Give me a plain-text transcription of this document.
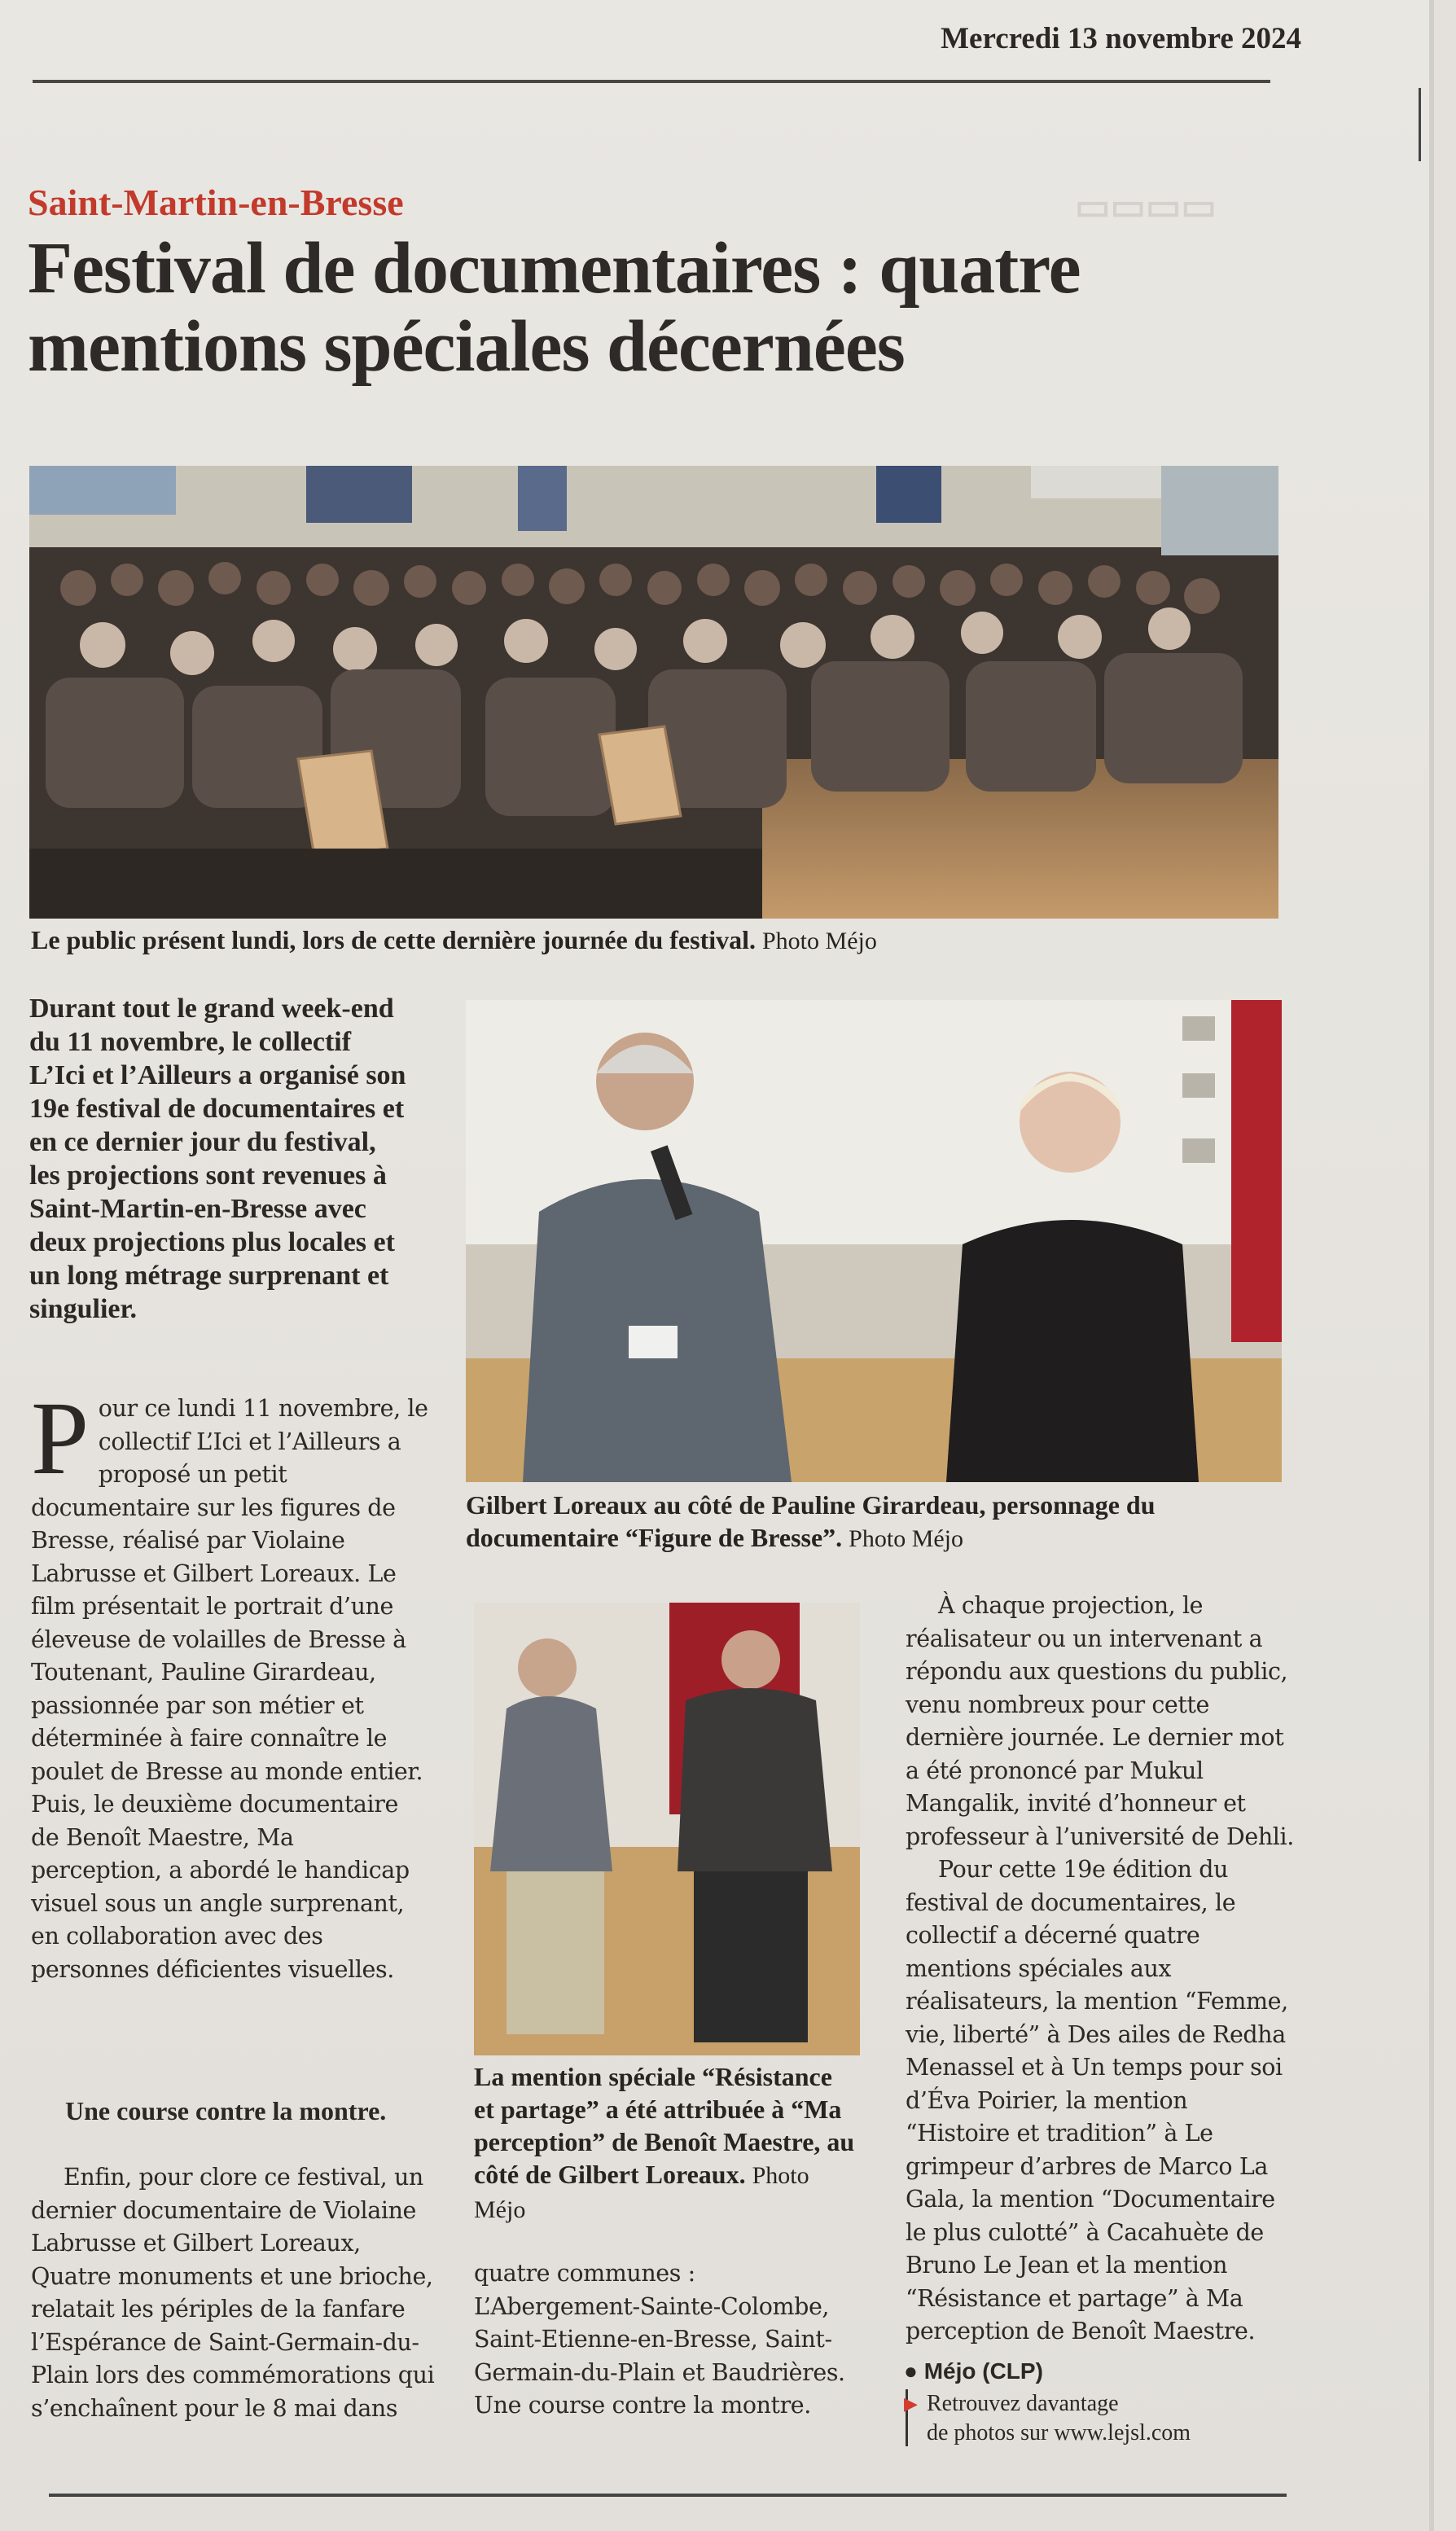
Mercredi 13 novembre 2024
▭▭▭▭
Saint-Martin-en-Bresse
Festival de documentaires : quatre mentions spéciales décernées
Le public présent lundi, lors de cette dernière journée du festival. Photo Méjo
Durant tout le grand week-end du 11 novembre, le collectif L’Ici et l’Ailleurs a organisé son 19e festival de documentaires et en ce dernier jour du festival, les projections sont revenues à Saint-Martin-en-Bresse avec deux projections plus locales et un long métrage surprenant et singulier.
Gilbert Loreaux au côté de Pauline Girardeau, personnage du documentaire “Figure de Bresse”. Photo Méjo
P our ce lundi 11 novembre, le collectif L’Ici et l’Ailleurs a proposé un petit documentaire sur les figures de Bresse, réalisé par Violaine Labrusse et Gilbert Loreaux. Le film présentait le portrait d’une éleveuse de volailles de Bresse à Toutenant, Pauline Girardeau, passionnée par son métier et déterminée à faire connaître le poulet de Bresse au monde entier. Puis, le deuxième documentaire de Benoît Maestre, Ma perception, a abordé le handicap visuel sous un angle surprenant, en collaboration avec des personnes déficientes visuelles.
Une course contre la montre.
Enfin, pour clore ce festival, un dernier documentaire de Violaine Labrusse et Gilbert Loreaux, Quatre monuments et une brioche, relatait les périples de la fanfare l’Espérance de Saint-Germain-du-Plain lors des commémorations qui s’enchaînent pour le 8 mai dans
La mention spéciale “Résistance et partage” a été attribuée à “Ma perception” de Benoît Maestre, au côté de Gilbert Loreaux. Photo Méjo
quatre communes : L’Abergement-Sainte-Colombe, Saint-Etienne-en-Bresse, Saint-Germain-du-Plain et Baudrières. Une course contre la montre.
À chaque projection, le réalisateur ou un intervenant a répondu aux questions du public, venu nombreux pour cette dernière journée. Le dernier mot a été prononcé par Mukul Mangalik, invité d’honneur et professeur à l’université de Dehli.
Pour cette 19e édition du festival de documentaires, le collectif a décerné quatre mentions spéciales aux réalisateurs, la mention “Femme, vie, liberté” à Des ailes de Redha Menassel et à Un temps pour soi d’Éva Poirier, la mention “Histoire et tradition” à Le grimpeur d’arbres de Marco La Gala, la mention “Documentaire le plus culotté” à Cacahuète de Bruno Le Jean et la mention “Résistance et partage” à Ma perception de Benoît Maestre.
● Méjo (CLP)
▶ Retrouvez davantage
de photos sur www.lejsl.com
